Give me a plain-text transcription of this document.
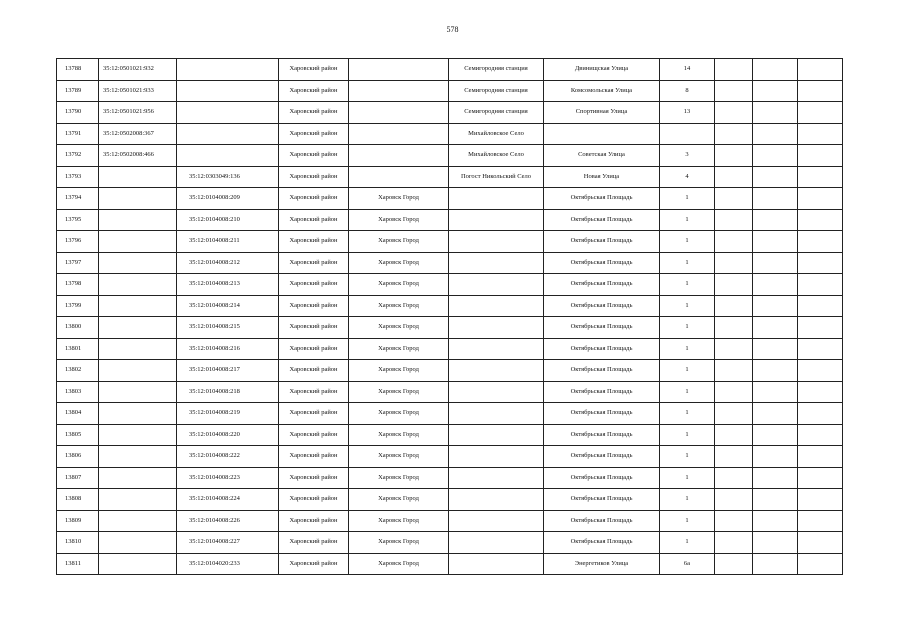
578
13788	35:12:0501021:932		Харовский район		Семигородняя станция	Двинищская Улица	14			
13789	35:12:0501021:933		Харовский район		Семигородняя станция	Комсомольская Улица	8			
13790	35:12:0501021:956		Харовский район		Семигородняя станция	Спортивная Улица	13			
13791	35:12:0502008:367		Харовский район		Михайловское Село					
13792	35:12:0502008:466		Харовский район		Михайловское Село	Советская Улица	3			
13793		35:12:0303049:136	Харовский район		Погост Никольский Село	Новая Улица	4			
13794		35:12:0104008:209	Харовский район	Харовск Город		Октябрьская Площадь	1			
13795		35:12:0104008:210	Харовский район	Харовск Город		Октябрьская Площадь	1			
13796		35:12:0104008:211	Харовский район	Харовск Город		Октябрьская Площадь	1			
13797		35:12:0104008:212	Харовский район	Харовск Город		Октябрьская Площадь	1			
13798		35:12:0104008:213	Харовский район	Харовск Город		Октябрьская Площадь	1			
13799		35:12:0104008:214	Харовский район	Харовск Город		Октябрьская Площадь	1			
13800		35:12:0104008:215	Харовский район	Харовск Город		Октябрьская Площадь	1			
13801		35:12:0104008:216	Харовский район	Харовск Город		Октябрьская Площадь	1			
13802		35:12:0104008:217	Харовский район	Харовск Город		Октябрьская Площадь	1			
13803		35:12:0104008:218	Харовский район	Харовск Город		Октябрьская Площадь	1			
13804		35:12:0104008:219	Харовский район	Харовск Город		Октябрьская Площадь	1			
13805		35:12:0104008:220	Харовский район	Харовск Город		Октябрьская Площадь	1			
13806		35:12:0104008:222	Харовский район	Харовск Город		Октябрьская Площадь	1			
13807		35:12:0104008:223	Харовский район	Харовск Город		Октябрьская Площадь	1			
13808		35:12:0104008:224	Харовский район	Харовск Город		Октябрьская Площадь	1			
13809		35:12:0104008:226	Харовский район	Харовск Город		Октябрьская Площадь	1			
13810		35:12:0104008:227	Харовский район	Харовск Город		Октябрьская Площадь	1			
13811		35:12:0104020:233	Харовский район	Харовск Город		Энергетиков Улица	6а			
